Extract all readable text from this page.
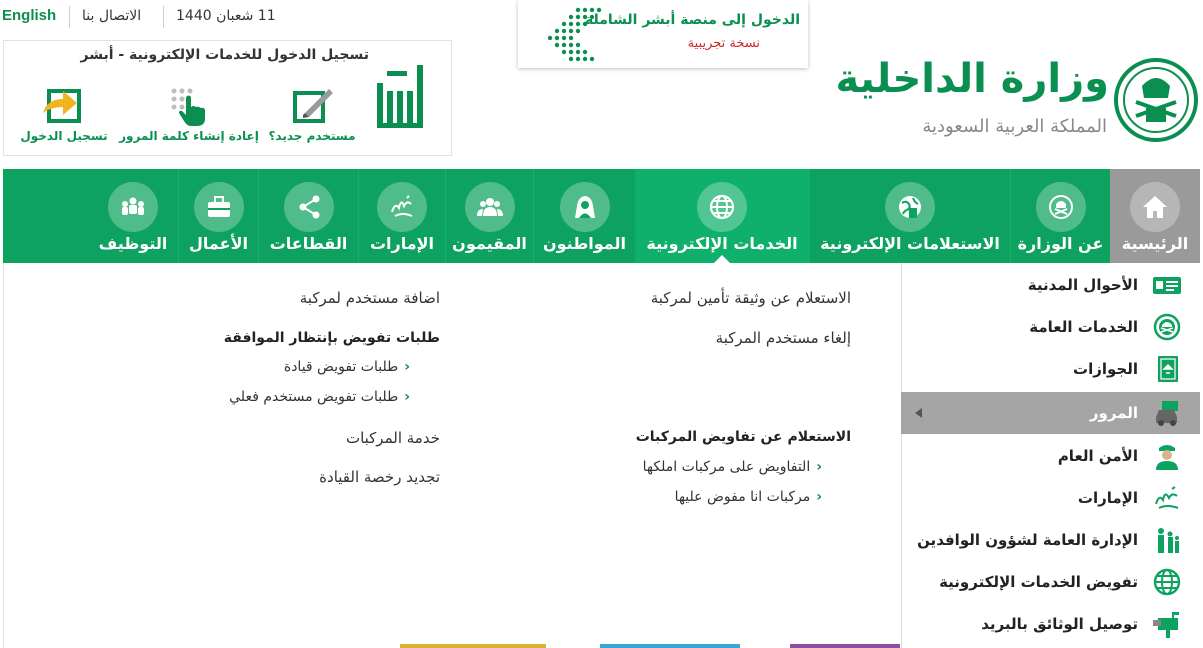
English الاتصال بنا 11 شعبان 1440
تسجيل الدخول للخدمات الإلكترونية - أبشر
مستخدم جديد؟
إعادة إنشاء كلمة المرور
تسجيل الدخول
الدخول إلى منصة أبشر الشاملة
نسخة تجريبية
وزارة الداخلية
المملكة العربية السعودية
الرئيسية
عن الوزارة
الاستعلامات الإلكترونية
الخدمات الإلكترونية
المواطنون
المقيمون
الإمارات
القطاعات
الأعمال
التوظيف
الأحوال المدنية
الخدمات العامة
الجوازات
المرور
الأمن العام
الإمارات
الإدارة العامة لشؤون الوافدين
تفويض الخدمات الإلكترونية
توصيل الوثائق بالبريد
الاستعلام عن وثيقة تأمين لمركبة
إلغاء مستخدم المركبة
الاستعلام عن تفاويض المركبات
‹التفاويض على مركبات املكها
‹مركبات انا مفوض عليها
اضافة مستخدم لمركبة
طلبات تفويض بإنتظار الموافقة
‹طلبات تفويض قيادة
‹طلبات تفويض مستخدم فعلي
خدمة المركبات
تجديد رخصة القيادة
